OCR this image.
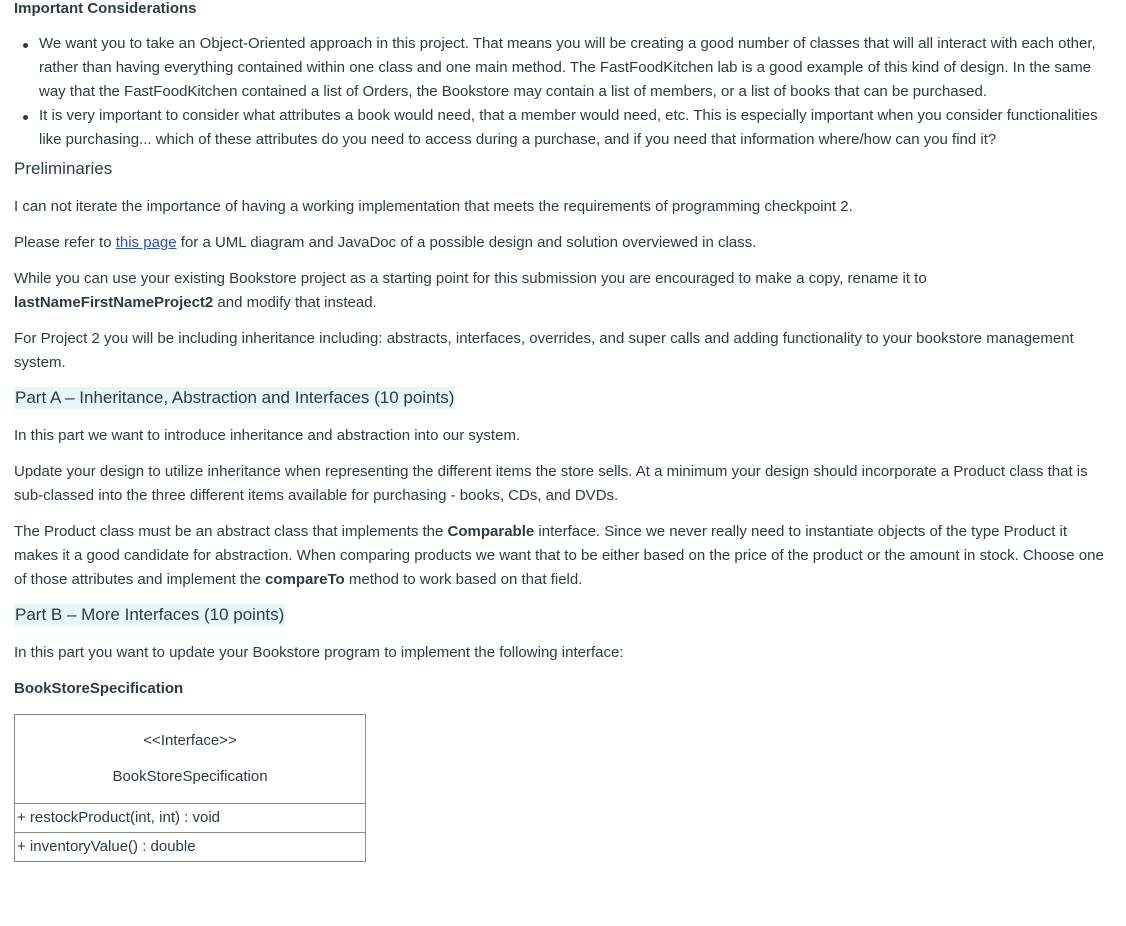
Important Considerations
We want you to take an Object-Oriented approach in this project. That means you will be creating a good number of classes that will all interact with each other, rather than having everything contained within one class and one main method. The FastFoodKitchen lab is a good example of this kind of design. In the same way that the FastFoodKitchen contained a list of Orders, the Bookstore may contain a list of members, or a list of books that can be purchased.
It is very important to consider what attributes a book would need, that a member would need, etc. This is especially important when you consider functionalities like purchasing... which of these attributes do you need to access during a purchase, and if you need that information where/how can you find it?
Preliminaries

I can not iterate the importance of having a working implementation that meets the requirements of programming checkpoint 2.

Please refer to this page for a UML diagram and JavaDoc of a possible design and solution overviewed in class.

While you can use your existing Bookstore project as a starting point for this submission you are encouraged to make a copy, rename it to lastNameFirstNameProject2 and modify that instead.

For Project 2 you will be including inheritance including: abstracts, interfaces, overrides, and super calls and adding functionality to your bookstore management system.

Part A – Inheritance, Abstraction and Interfaces (10 points)

In this part we want to introduce inheritance and abstraction into our system.

Update your design to utilize inheritance when representing the different items the store sells. At a minimum your design should incorporate a Product class that is sub-classed into the three different items available for purchasing - books, CDs, and DVDs.

The Product class must be an abstract class that implements the Comparable interface. Since we never really need to instantiate objects of the type Product it makes it a good candidate for abstraction. When comparing products we want that to be either based on the price of the product or the amount in stock. Choose one of those attributes and implement the compareTo method to work based on that field.

Part B – More Interfaces (10 points)

In this part you want to update your Bookstore program to implement the following interface:

BookStoreSpecification

<<Interface>>
BookStoreSpecification
+ restockProduct(int, int) : void
+ inventoryValue() : double
